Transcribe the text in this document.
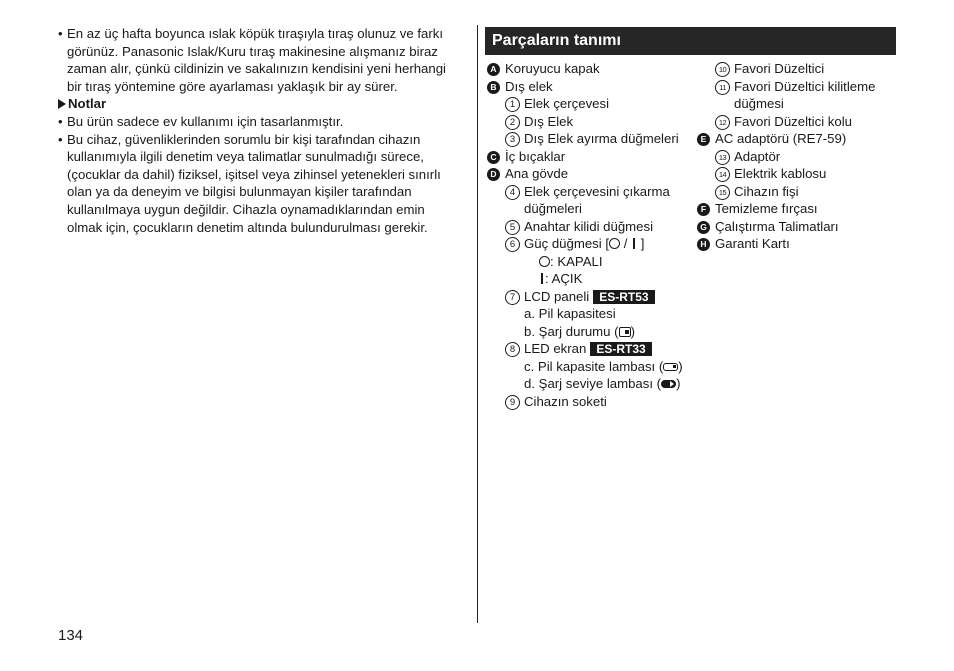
• En az üç hafta boyunca ıslak köpük tıraşıyla tıraş olunuz ve farkı görünüz. Panasonic Islak/Kuru tıraş makinesine alışmanız biraz zaman alır, çünkü cildinizin ve sakalınızın kendisini yeni herhangi bir tıraş yöntemine göre ayarlaması yaklaşık bir ay sürer.
Notlar
• Bu ürün sadece ev kullanımı için tasarlanmıştır.
• Bu cihaz, güvenliklerinden sorumlu bir kişi tarafından cihazın kullanımıyla ilgili denetim veya talimatlar sunulmadığı sürece, (çocuklar da dahil) fiziksel, işitsel veya zihinsel yetenekleri sınırlı olan ya da deneyim ve bilgisi bulunmayan kişiler tarafından kullanılmaya uygun değildir. Cihazla oynamadıklarından emin olmak için, çocukların denetim altında bulundurulması gerekir.
Parçaların tanımı
A Koruyucu kapak
B Dış elek
1 Elek çerçevesi
2 Dış Elek
3 Dış Elek ayırma düğmeleri
C İç bıçaklar
D Ana gövde
4 Elek çerçevesini çıkarma
düğmeleri
5 Anahtar kilidi düğmesi
6 Güç düğmesi [ /  ]
: KAPALI
: AÇIK
7 LCD paneli ES-RT53
a. Pil kapasitesi
b. Şarj durumu ( )
8 LED ekran ES-RT33
c. Pil kapasite lambası ( )
d. Şarj seviye lambası ( )
9 Cihazın soketi
10 Favori Düzeltici
11 Favori Düzeltici kilitleme
düğmesi
12 Favori Düzeltici kolu
E AC adaptörü (RE7-59)
13 Adaptör
14 Elektrik kablosu
15 Cihazın fişi
F Temizleme fırçası
G Çalıştırma Talimatları
H Garanti Kartı
134
